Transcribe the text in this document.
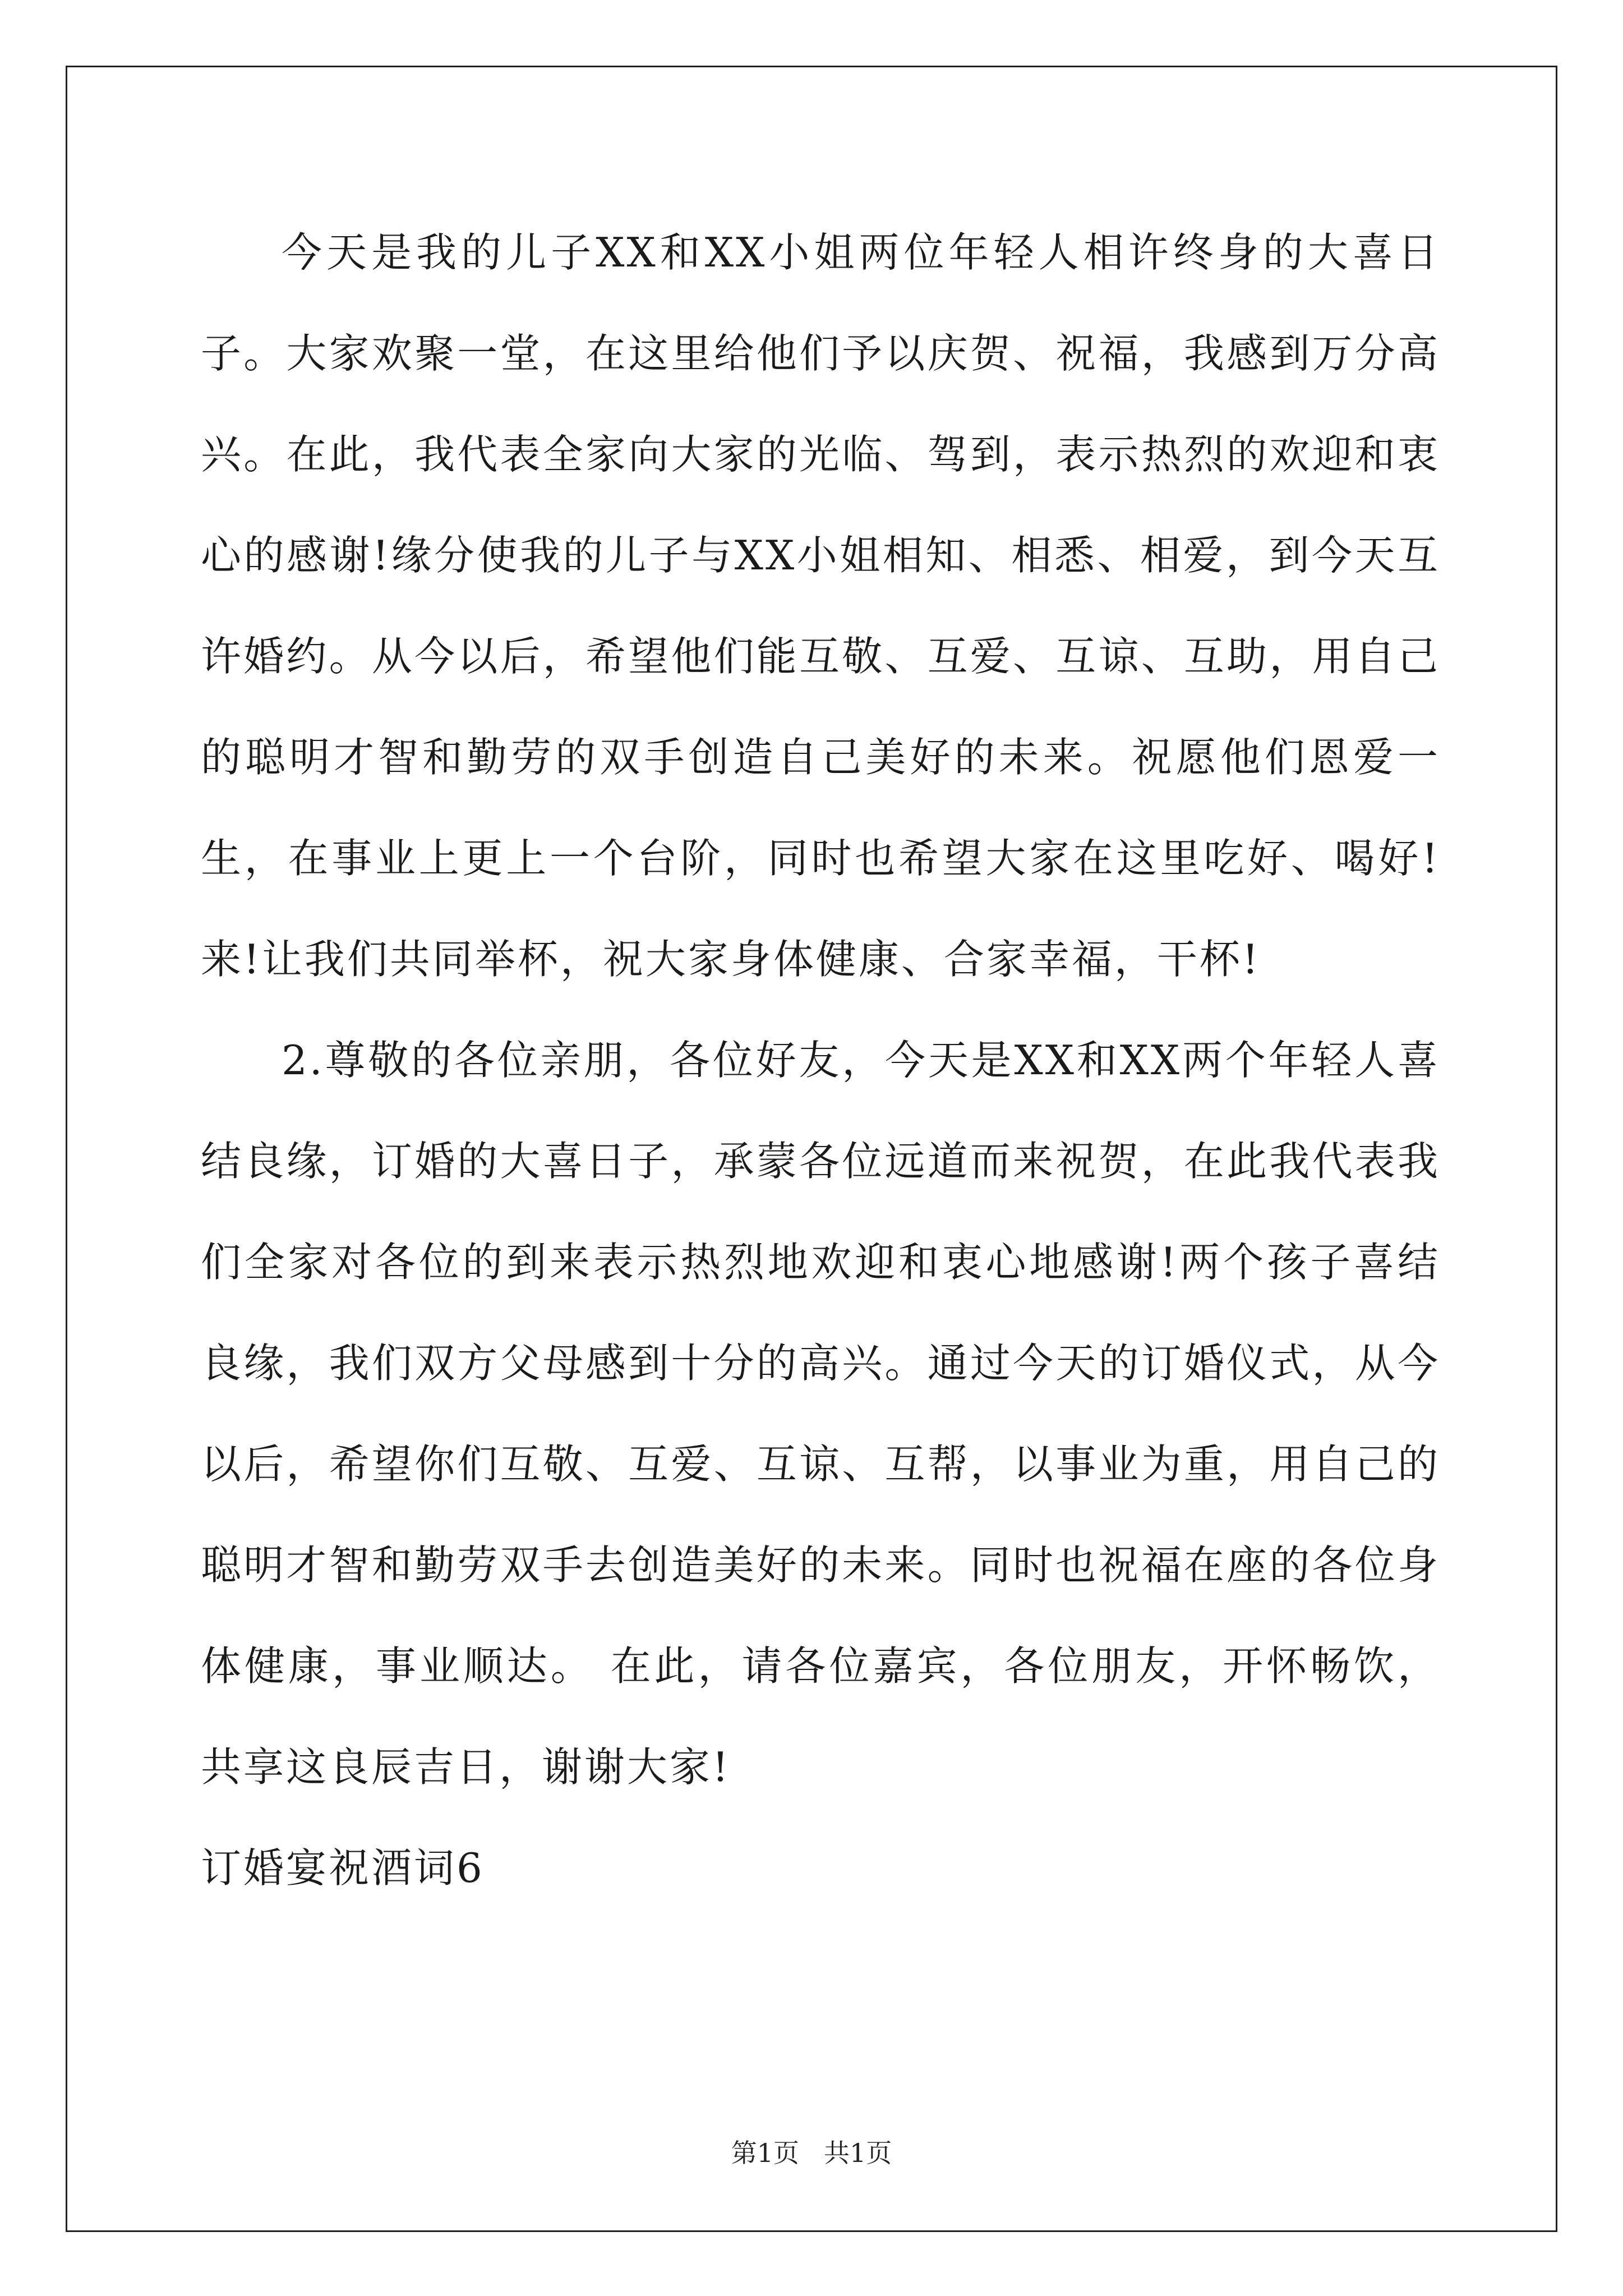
今天是我的儿子XX和XX小姐两位年轻人相许终身的大喜日子。大家欢聚一堂，在这里给他们予以庆贺、祝福，我感到万分高兴。在此，我代表全家向大家的光临、驾到，表示热烈的欢迎和衷心的感谢!缘分使我的儿子与XX小姐相知、相悉、相爱，到今天互许婚约。从今以后，希望他们能互敬、互爱、互谅、互助，用自己的聪明才智和勤劳的双手创造自己美好的未来。祝愿他们恩爱一生，在事业上更上一个台阶，同时也希望大家在这里吃好、喝好!来!让我们共同举杯，祝大家身体健康、合家幸福，干杯!

2.尊敬的各位亲朋，各位好友，今天是XX和XX两个年轻人喜结良缘，订婚的大喜日子，承蒙各位远道而来祝贺，在此我代表我们全家对各位的到来表示热烈地欢迎和衷心地感谢!两个孩子喜结良缘，我们双方父母感到十分的高兴。通过今天的订婚仪式，从今以后，希望你们互敬、互爱、互谅、互帮，以事业为重，用自己的聪明才智和勤劳双手去创造美好的未来。同时也祝福在座的各位身体健康，事业顺达。 在此，请各位嘉宾，各位朋友，开怀畅饮，共享这良辰吉日，谢谢大家!

订婚宴祝酒词6

第1页 共1页
